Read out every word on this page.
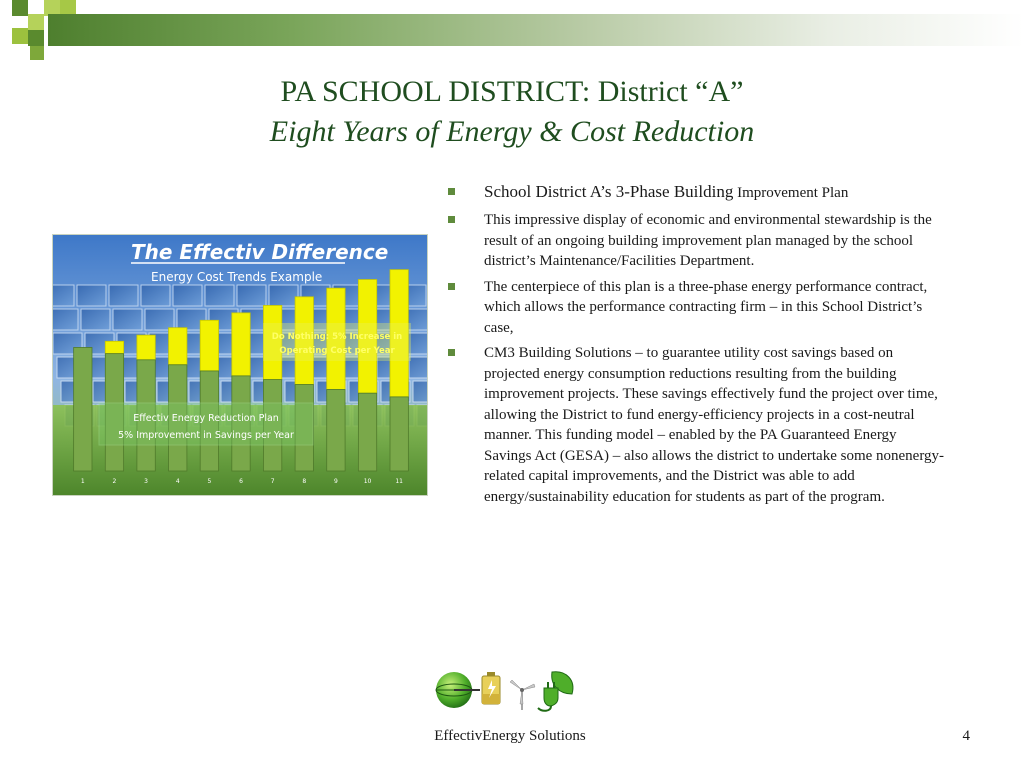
PA SCHOOL DISTRICT: District “A”
Eight Years of Energy & Cost Reduction
1	2	3	4	5	6	7	8	9	10	11
The Effectiv Difference
Energy Cost Trends Example
Do Nothing: 5% Increase in
Operating Cost per Year
Effectiv Energy Reduction Plan
5% Improvement in Savings per Year
School District A’s 3-Phase Building Improvement Plan
This impressive display of economic and environmental stewardship is the result of an ongoing building improvement plan managed by the school district’s Maintenance/Facilities Department.
The centerpiece of this plan is a three-phase energy performance contract, which allows the performance contracting firm – in this School District’s case,
CM3 Building Solutions – to guarantee utility cost savings based on projected energy consumption reductions resulting from the building improvement projects. These savings effectively fund the project over time, allowing the District to fund energy-efficiency projects in a cost-neutral manner. This funding model – enabled by the PA Guaranteed Energy Savings Act (GESA) – also allows the district to undertake some nonenergy-related capital improvements, and the District was able to add energy/sustainability education for students as part of the program.
EffectivEnergy Solutions	4
